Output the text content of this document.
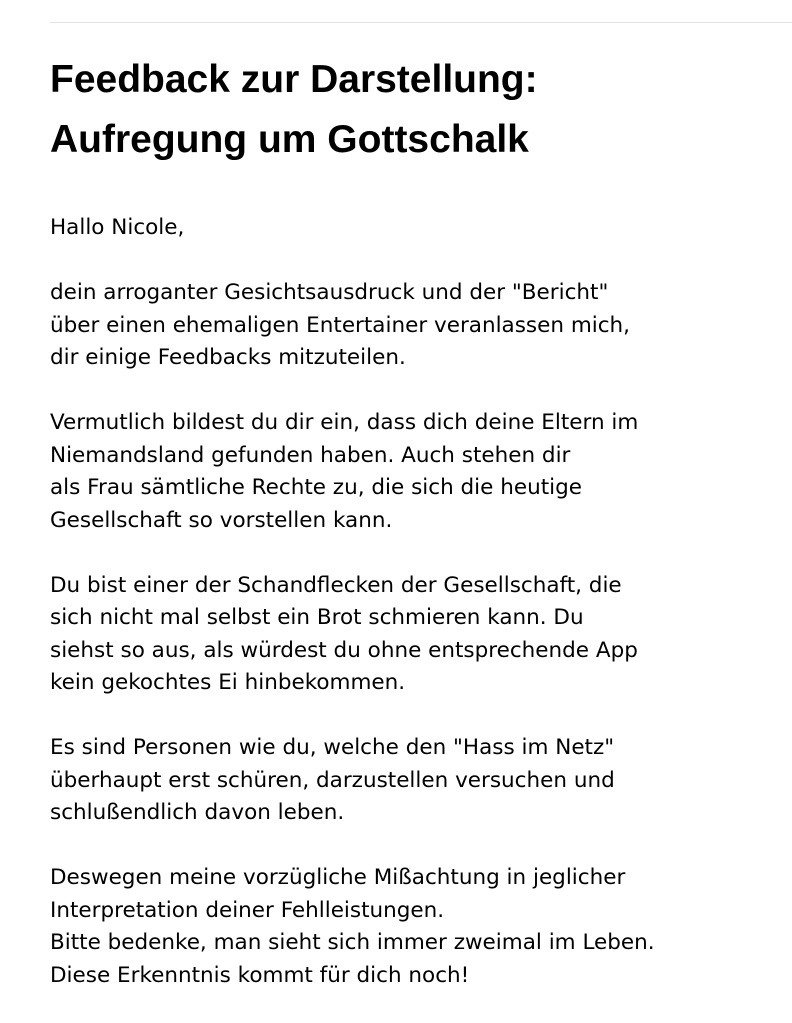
Feedback zur Darstellung:
Aufregung um Gottschalk

Hallo Nicole,

dein arroganter Gesichtsausdruck und der "Bericht"
über einen ehemaligen Entertainer veranlassen mich,
dir einige Feedbacks mitzuteilen.

Vermutlich bildest du dir ein, dass dich deine Eltern im
Niemandsland gefunden haben. Auch stehen dir
als Frau sämtliche Rechte zu, die sich die heutige
Gesellschaft so vorstellen kann.

Du bist einer der Schandflecken der Gesellschaft, die
sich nicht mal selbst ein Brot schmieren kann. Du
siehst so aus, als würdest du ohne entsprechende App
kein gekochtes Ei hinbekommen.

Es sind Personen wie du, welche den "Hass im Netz"
überhaupt erst schüren, darzustellen versuchen und
schlußendlich davon leben.

Deswegen meine vorzügliche Mißachtung in jeglicher
Interpretation deiner Fehlleistungen.
Bitte bedenke, man sieht sich immer zweimal im Leben.
Diese Erkenntnis kommt für dich noch!
